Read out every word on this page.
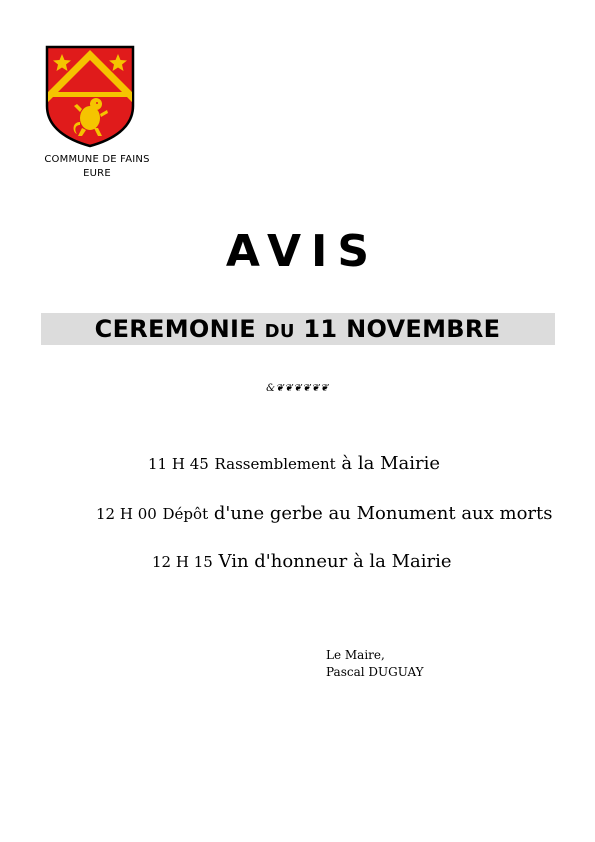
COMMUNE DE FAINS
EURE
AVIS
CEREMONIE DU 11 NOVEMBRE
&❦❦❦❦❦❦
11 H 45 Rassemblement à la Mairie
12 H 00 Dépôt d'une gerbe au Monument aux morts
12 H 15 Vin d'honneur à la Mairie
Le Maire,
Pascal DUGUAY
